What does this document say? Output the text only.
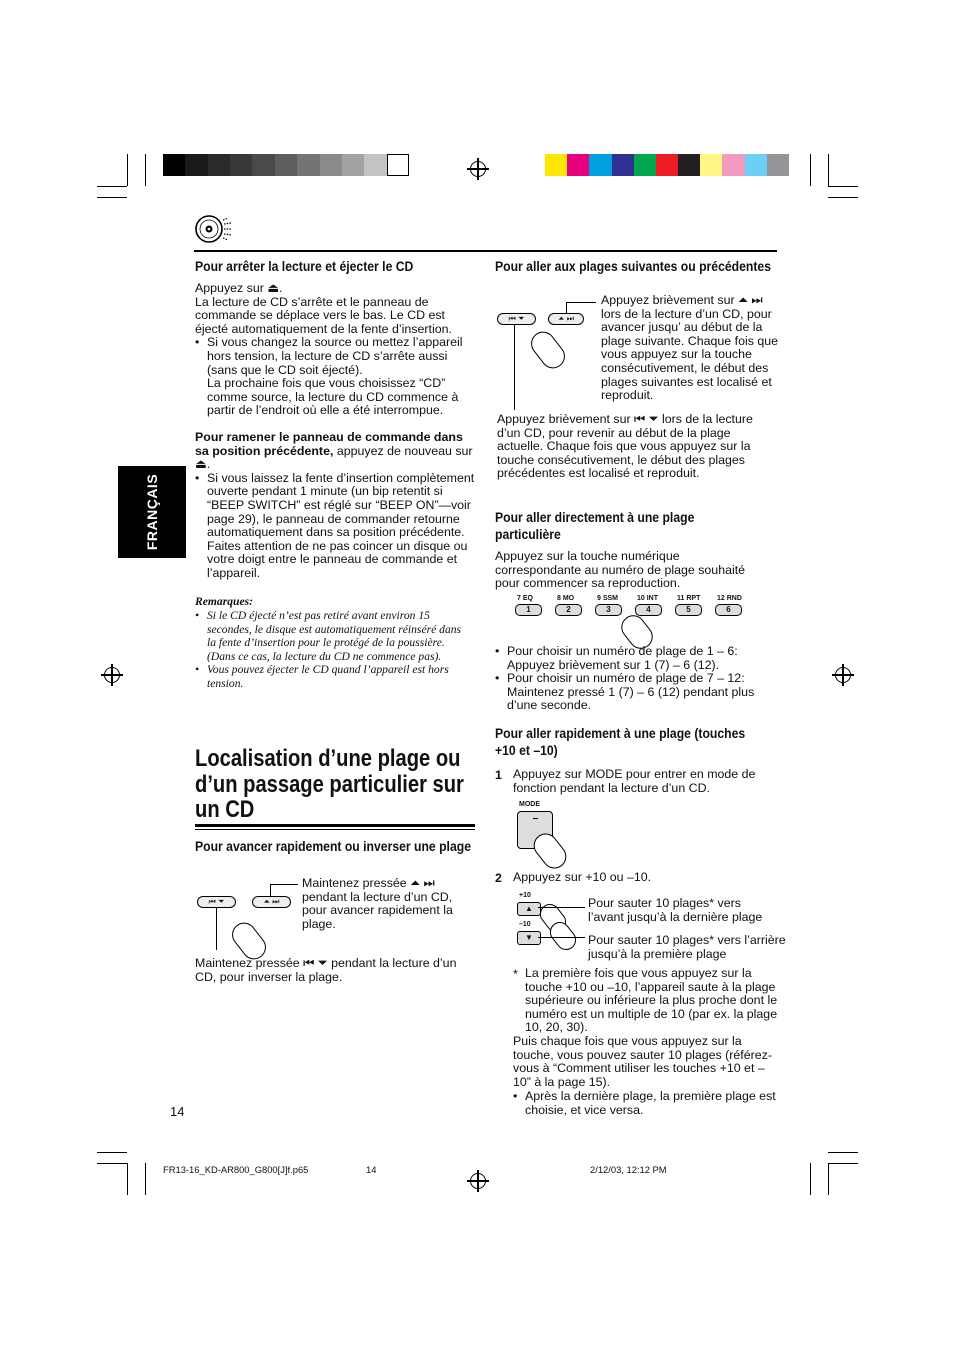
FRANÇAIS
Pour arrêter la lecture et éjecter le CD

Appuyez sur ⏏.

La lecture de CD s’arrête et le panneau de commande se déplace vers le bas. Le CD est éjecté automatiquement de la fente d’insertion.

• Si vous changez la source ou mettez l’appareil hors tension, la lecture de CD s’arrête aussi (sans que le CD soit éjecté).

La prochaine fois que vous choisissez “CD” comme source, la lecture du CD commence à partir de l’endroit où elle a été interrompue.

Pour ramener le panneau de commande dans sa position précédente, appuyez de nouveau sur ⏏.

• Si vous laissez la fente d’insertion complètement ouverte pendant 1 minute (un bip retentit si “BEEP SWITCH” est réglé sur “BEEP ON”—voir page 29), le panneau de commander retourne automatiquement dans sa position précédente.

Faites attention de ne pas coincer un disque ou votre doigt entre le panneau de commande et l’appareil.

Remarques:

• Si le CD éjecté n’est pas retiré avant environ 15 secondes, le disque est automatiquement réinséré dans la fente d’insertion pour le protégé de la poussière.

(Dans ce cas, la lecture du CD ne commence pas).

• Vous pouvez éjecter le CD quand l’appareil est hors tension.

Localisation d’une plage ou d’un passage particulier sur un CD
Pour avancer rapidement ou inverser une plage
⏮ ⏷	⏶ ⏭

Maintenez pressée ⏶ ⏭ pendant la lecture d’un CD, pour avancer rapidement la plage.

Maintenez pressée ⏮ ⏷ pendant la lecture d’un CD, pour inverser la plage.

14
Pour aller aux plages suivantes ou précédentes
⏮ ⏷	⏶ ⏭

Appuyez brièvement sur ⏶ ⏭ lors de la lecture d’un CD, pour avancer jusqu’ au début de la plage suivante. Chaque fois que vous appuyez sur la touche consécutivement, le début des plages suivantes est localisé et reproduit.

Appuyez brièvement sur ⏮ ⏷ lors de la lecture d’un CD, pour revenir au début de la plage actuelle. Chaque fois que vous appuyez sur la touche consécutivement, le début des plages précédentes est localisé et reproduit.

Pour aller directement à une plage particulière

Appuyez sur la touche numérique correspondante au numéro de plage souhaité pour commencer sa reproduction.

7 EQ
1
8 MO
2
9 SSM
3
10 INT
4
11 RPT
5
12 RND
6

• Pour choisir un numéro de plage de 1 – 6: Appuyez brièvement sur 1 (7) – 6 (12).

• Pour choisir un numéro de plage de 7 – 12: Maintenez pressé 1 (7) – 6 (12) pendant plus d’une seconde.

Pour aller rapidement à une plage (touches +10 et –10)
1 Appuyez sur MODE pour entrer en mode de fonction pendant la lecture d’un CD.

MODE
2 Appuyez sur +10 ou –10.

+10
▲
–10
▼

Pour sauter 10 plages* vers l’avant jusqu’à la dernière plage

Pour sauter 10 plages* vers l’arrière jusqu’à la première plage

* La première fois que vous appuyez sur la touche +10 ou –10, l’appareil saute à la plage supérieure ou inférieure la plus proche dont le numéro est un multiple de 10 (par ex. la plage 10, 20, 30).

Puis chaque fois que vous appuyez sur la touche, vous pouvez sauter 10 plages (référez-vous à “Comment utiliser les touches +10 et –10” à la page 15).

• Après la dernière plage, la première plage est choisie, et vice versa.

FR13-16_KD-AR800_G800[J]f.p65	14	2/12/03, 12:12 PM
